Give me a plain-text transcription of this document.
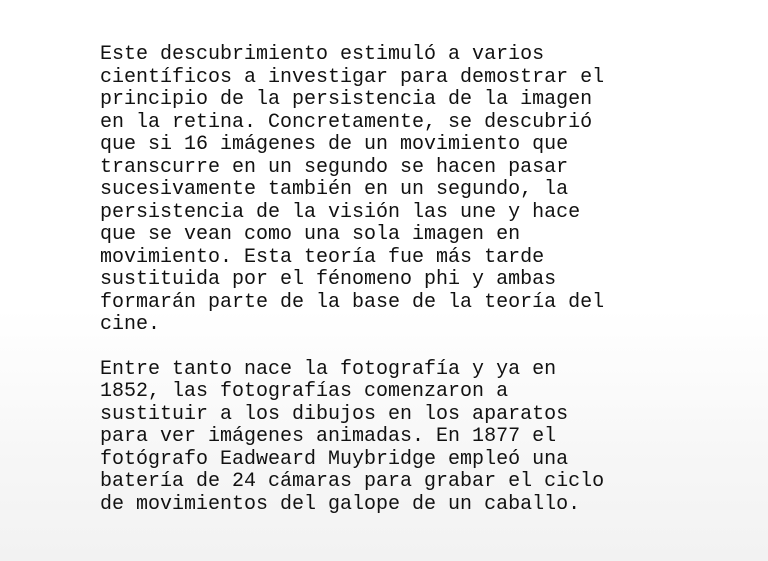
Este descubrimiento estimuló a varios
científicos a investigar para demostrar el
principio de la persistencia de la imagen
en la retina. Concretamente, se descubrió
que si 16 imágenes de un movimiento que
transcurre en un segundo se hacen pasar
sucesivamente también en un segundo, la
persistencia de la visión las une y hace
que se vean como una sola imagen en
movimiento. Esta teoría fue más tarde
sustituida por el fénomeno phi y ambas
formarán parte de la base de la teoría del
cine.
Entre tanto nace la fotografía y ya en
1852, las fotografías comenzaron a
sustituir a los dibujos en los aparatos
para ver imágenes animadas. En 1877 el
fotógrafo Eadweard Muybridge empleó una
batería de 24 cámaras para grabar el ciclo
de movimientos del galope de un caballo.
